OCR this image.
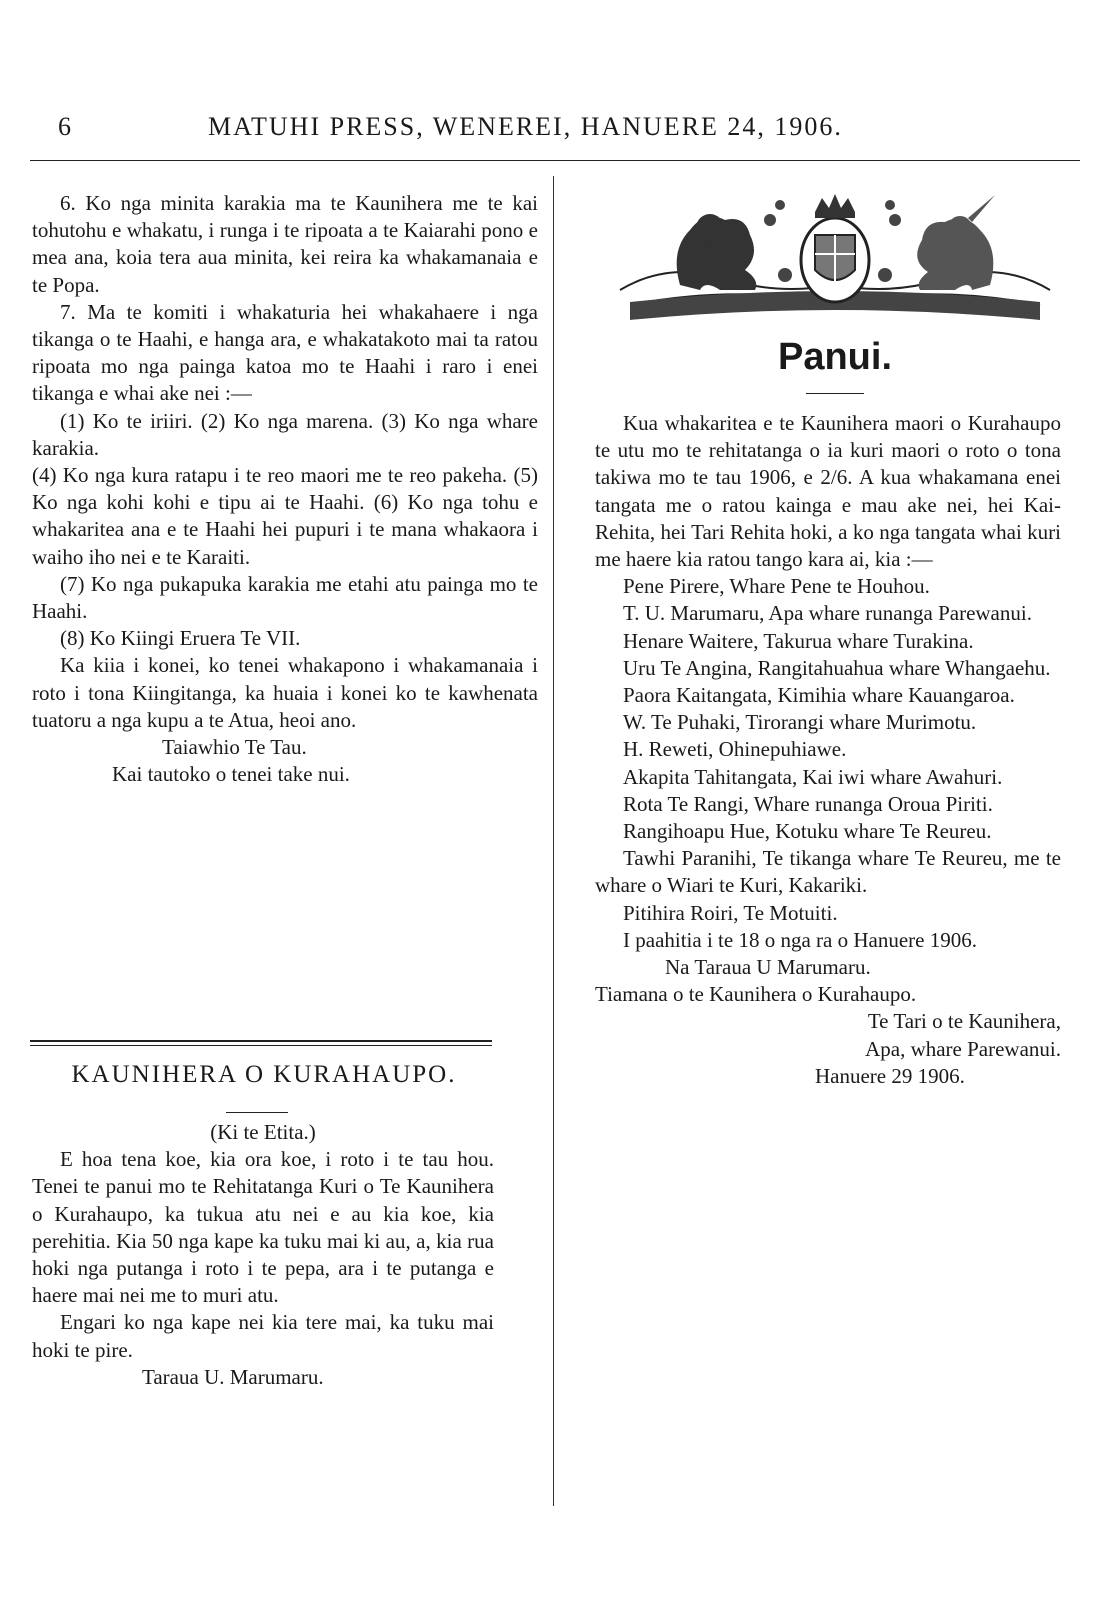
6	MATUHI PRESS, WENEREI, HANUERE 24, 1906.

6. Ko nga minita karakia ma te Kaunihera me te kai tohutohu e whakatu, i runga i te ripoata a te Kaiarahi pono e mea ana, koia tera aua minita, kei reira ka whakamanaia e te Popa.

7. Ma te komiti i whakaturia hei whakahaere i nga tikanga o te Haahi, e hanga ara, e whakatakoto mai ta ratou ripoata mo nga painga katoa mo te Haahi i raro i enei tikanga e whai ake nei :—

(1) Ko te iriiri. (2) Ko nga marena. (3) Ko nga whare karakia.

(4) Ko nga kura ratapu i te reo maori me te reo pakeha. (5) Ko nga kohi kohi e tipu ai te Haahi. (6) Ko nga tohu e whakaritea ana e te Haahi hei pupuri i te mana whakaora i waiho iho nei e te Karaiti.

(7) Ko nga pukapuka karakia me etahi atu painga mo te Haahi.

(8) Ko Kiingi Eruera Te VII.

Ka kiia i konei, ko tenei whakapono i whakamanaia i roto i tona Kiingitanga, ka huaia i konei ko te kawhenata tuatoru a nga kupu a te Atua, heoi ano.

Taiawhio Te Tau.

Kai tautoko o tenei take nui.

KAUNIHERA O KURAHAUPO.

(Ki te Etita.)

E hoa tena koe, kia ora koe, i roto i te tau hou. Tenei te panui mo te Rehitatanga Kuri o Te Kaunihera o Kurahaupo, ka tukua atu nei e au kia koe, kia perehitia. Kia 50 nga kape ka tuku mai ki au, a, kia rua hoki nga putanga i roto i te pepa, ara i te putanga e haere mai nei me to muri atu.

Engari ko nga kape nei kia tere mai, ka tuku mai hoki te pire.

Taraua U. Marumaru.

Panui.

Kua whakaritea e te Kaunihera maori o Kurahaupo te utu mo te rehitatanga o ia kuri maori o roto o tona takiwa mo te tau 1906, e 2/6. A kua whakamana enei tangata me o ratou kainga e mau ake nei, hei Kai-Rehita, hei Tari Rehita hoki, a ko nga tangata whai kuri me haere kia ratou tango kara ai, kia :—

Pene Pirere, Whare Pene te Houhou.

T. U. Marumaru, Apa whare runanga Parewanui.

Henare Waitere, Takurua whare Turakina.

Uru Te Angina, Rangitahuahua whare Whangaehu.

Paora Kaitangata, Kimihia whare Kauangaroa.

W. Te Puhaki, Tirorangi whare Murimotu.

H. Reweti, Ohinepuhiawe.

Akapita Tahitangata, Kai iwi whare Awahuri.

Rota Te Rangi, Whare runanga Oroua Piriti.

Rangihoapu Hue, Kotuku whare Te Reureu.

Tawhi Paranihi, Te tikanga whare Te Reureu, me te whare o Wiari te Kuri, Kakariki.

Pitihira Roiri, Te Motuiti.

I paahitia i te 18 o nga ra o Hanuere 1906.

Na Taraua U Marumaru.

Tiamana o te Kaunihera o Kurahaupo.

Te Tari o te Kaunihera,

Apa, whare Parewanui.

Hanuere 29 1906.
